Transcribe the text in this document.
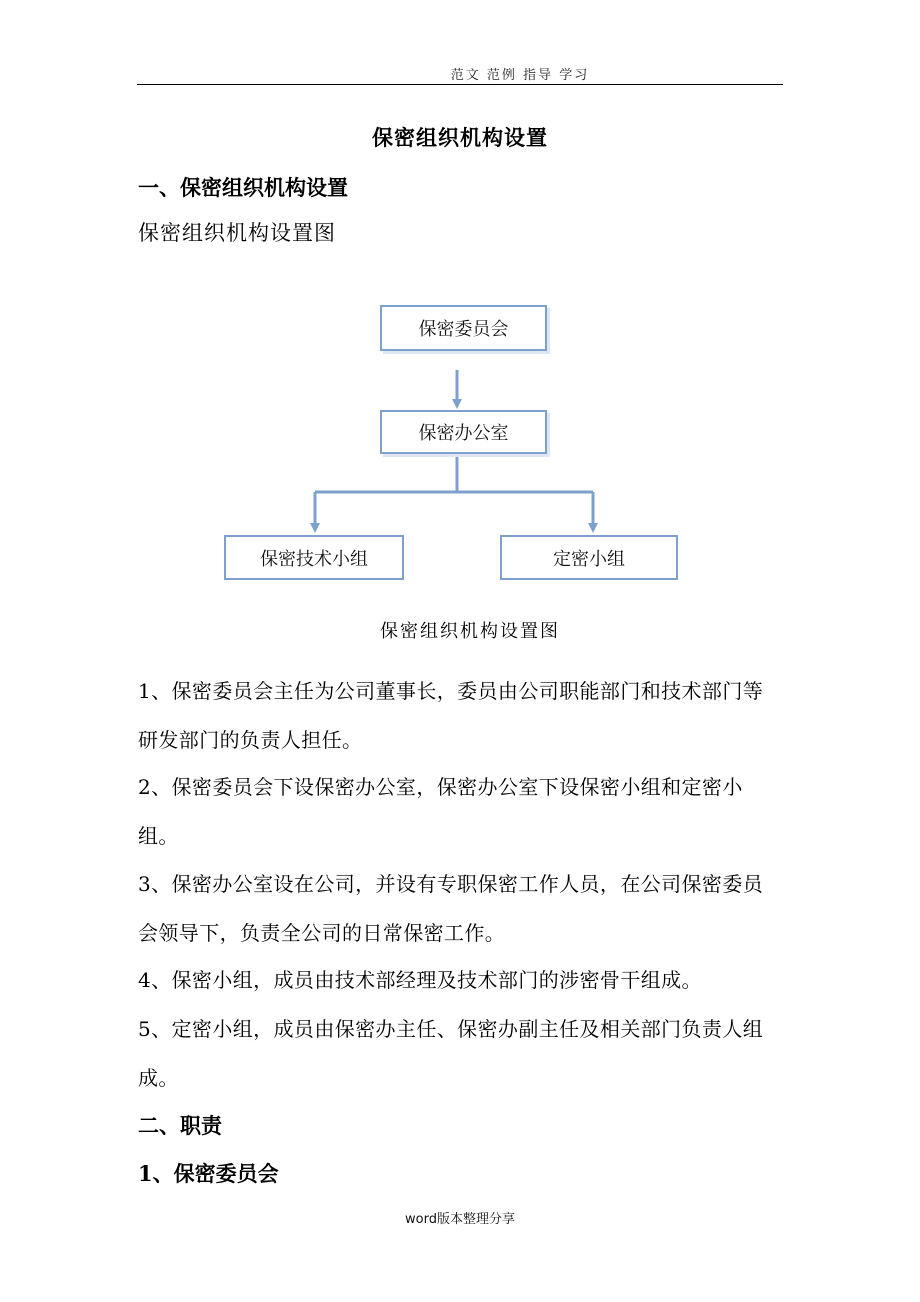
范文 范例 指导 学习
保密组织机构设置
一、保密组织机构设置
保密组织机构设置图
保密委员会
保密办公室
保密技术小组	定密小组
保密组织机构设置图
1、保密委员会主任为公司董事长，委员由公司职能部门和技术部门等研发部门的负责人担任。
2、保密委员会下设保密办公室，保密办公室下设保密小组和定密小组。
3、保密办公室设在公司，并设有专职保密工作人员，在公司保密委员会领导下，负责全公司的日常保密工作。
4、保密小组，成员由技术部经理及技术部门的涉密骨干组成。
5、定密小组，成员由保密办主任、保密办副主任及相关部门负责人组成。
二、职责
1、保密委员会
word版本整理分享
